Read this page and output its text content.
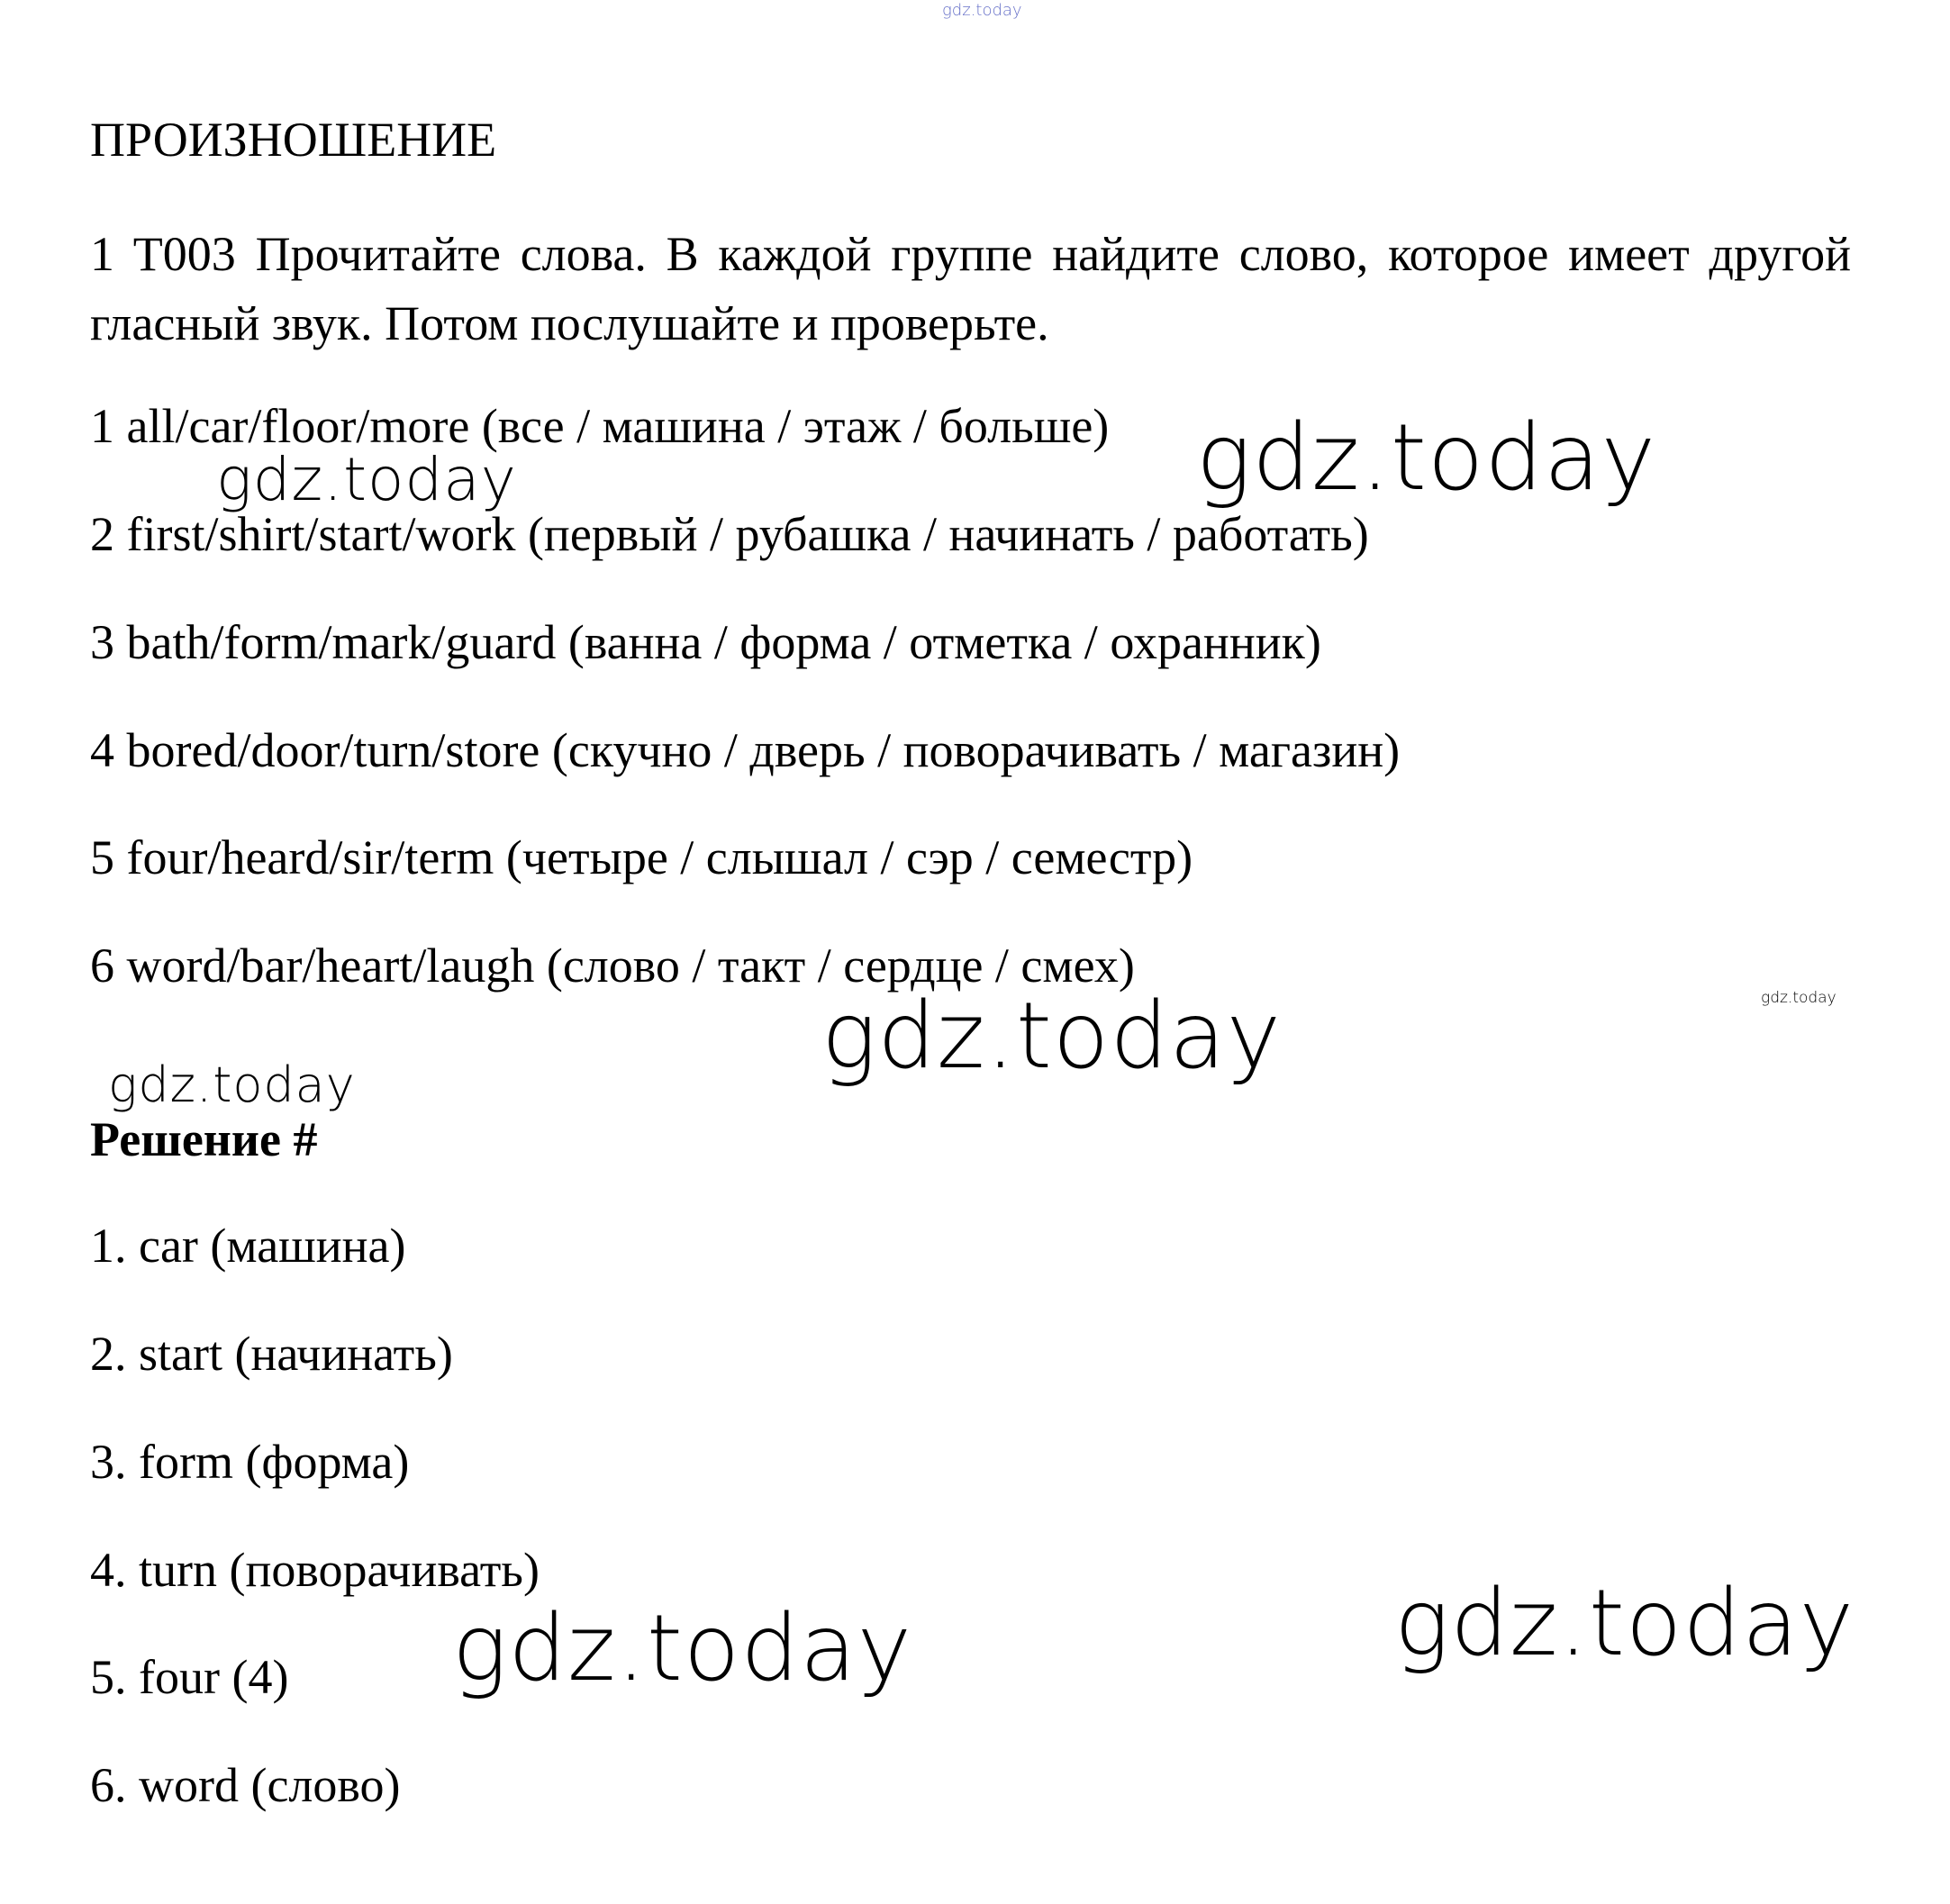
gdz.today
gdz.today
gdz.today
gdz.today
gdz.today
gdz.today
gdz.today	gdz.today
ПРОИЗНОШЕНИЕ
1 T003 Прочитайте слова. В каждой группе найдите слово, которое имеет другой гласный звук. Потом послушайте и проверьте.
1 all/car/floor/more (все / машина / этаж / больше)
2 first/shirt/start/work (первый / рубашка / начинать / работать)
3 bath/form/mark/guard (ванна / форма / отметка / охранник)
4 bored/door/turn/store (скучно / дверь / поворачивать / магазин)
5 four/heard/sir/term (четыре / слышал / сэр / семестр)
6 word/bar/heart/laugh (слово / такт / сердце / смех)
Решение #
1. car (машина)
2. start (начинать)
3. form (форма)
4. turn (поворачивать)
5. four (4)
6. word (слово)
